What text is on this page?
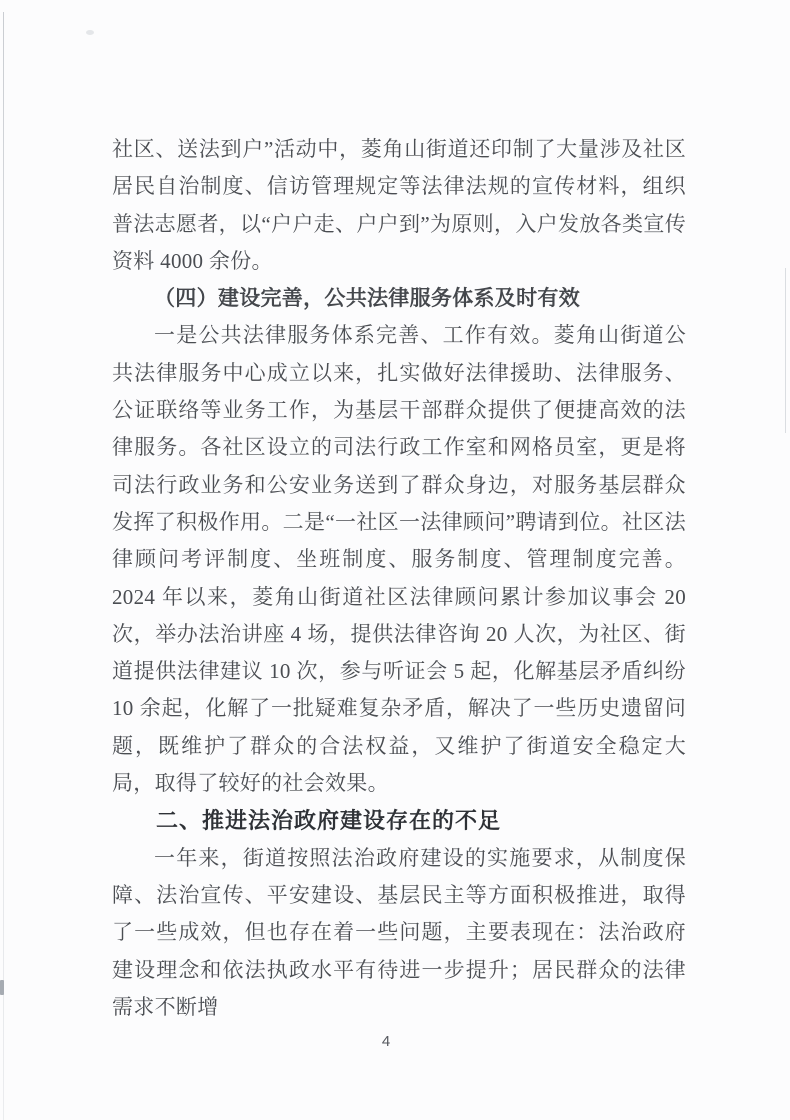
社区、送法到户”活动中，菱角山街道还印制了大量涉及社区居民自治制度、信访管理规定等法律法规的宣传材料，组织普法志愿者，以“户户走、户户到”为原则，入户发放各类宣传资料 4000 余份。

（四）建设完善，公共法律服务体系及时有效

一是公共法律服务体系完善、工作有效。菱角山街道公共法律服务中心成立以来，扎实做好法律援助、法律服务、公证联络等业务工作，为基层干部群众提供了便捷高效的法律服务。各社区设立的司法行政工作室和网格员室，更是将司法行政业务和公安业务送到了群众身边，对服务基层群众发挥了积极作用。二是“一社区一法律顾问”聘请到位。社区法律顾问考评制度、坐班制度、服务制度、管理制度完善。2024 年以来，菱角山街道社区法律顾问累计参加议事会 20 次，举办法治讲座 4 场，提供法律咨询 20 人次，为社区、街道提供法律建议 10 次，参与听证会 5 起，化解基层矛盾纠纷 10 余起，化解了一批疑难复杂矛盾，解决了一些历史遗留问题，既维护了群众的合法权益，又维护了街道安全稳定大局，取得了较好的社会效果。

二、推进法治政府建设存在的不足

一年来，街道按照法治政府建设的实施要求，从制度保障、法治宣传、平安建设、基层民主等方面积极推进，取得了一些成效，但也存在着一些问题，主要表现在：法治政府建设理念和依法执政水平有待进一步提升；居民群众的法律需求不断增

4
